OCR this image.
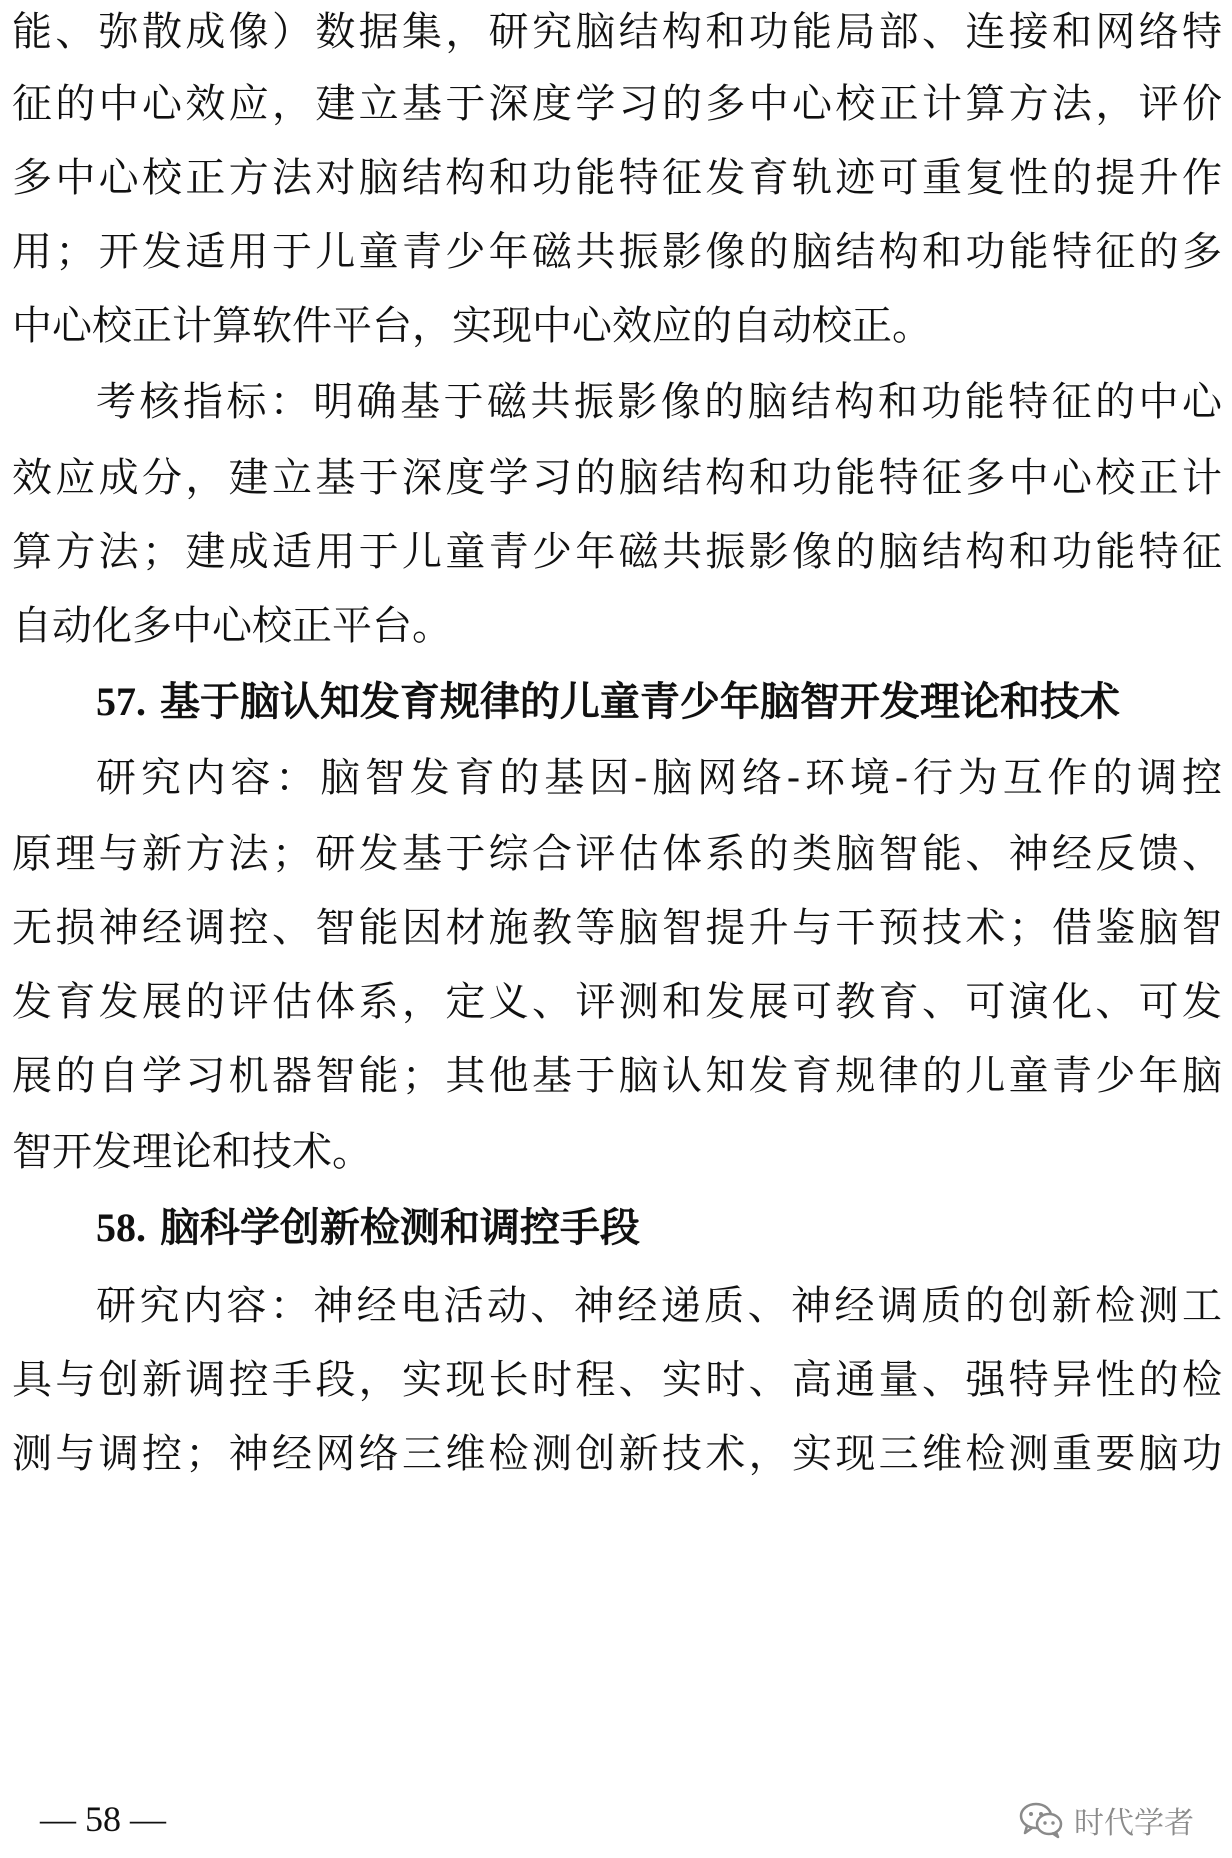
能、弥散成像）数据集，研究脑结构和功能局部、连接和网络特
征的中心效应，建立基于深度学习的多中心校正计算方法，评价
多中心校正方法对脑结构和功能特征发育轨迹可重复性的提升作
用；开发适用于儿童青少年磁共振影像的脑结构和功能特征的多
中心校正计算软件平台，实现中心效应的自动校正。
考核指标：明确基于磁共振影像的脑结构和功能特征的中心
效应成分，建立基于深度学习的脑结构和功能特征多中心校正计
算方法；建成适用于儿童青少年磁共振影像的脑结构和功能特征
自动化多中心校正平台。
57. 基于脑认知发育规律的儿童青少年脑智开发理论和技术
研究内容：脑智发育的基因-脑网络-环境-行为互作的调控
原理与新方法；研发基于综合评估体系的类脑智能、神经反馈、
无损神经调控、智能因材施教等脑智提升与干预技术；借鉴脑智
发育发展的评估体系，定义、评测和发展可教育、可演化、可发
展的自学习机器智能；其他基于脑认知发育规律的儿童青少年脑
智开发理论和技术。
58. 脑科学创新检测和调控手段
研究内容：神经电活动、神经递质、神经调质的创新检测工
具与创新调控手段，实现长时程、实时、高通量、强特异性的检
测与调控；神经网络三维检测创新技术，实现三维检测重要脑功
— 58 —	时代学者
